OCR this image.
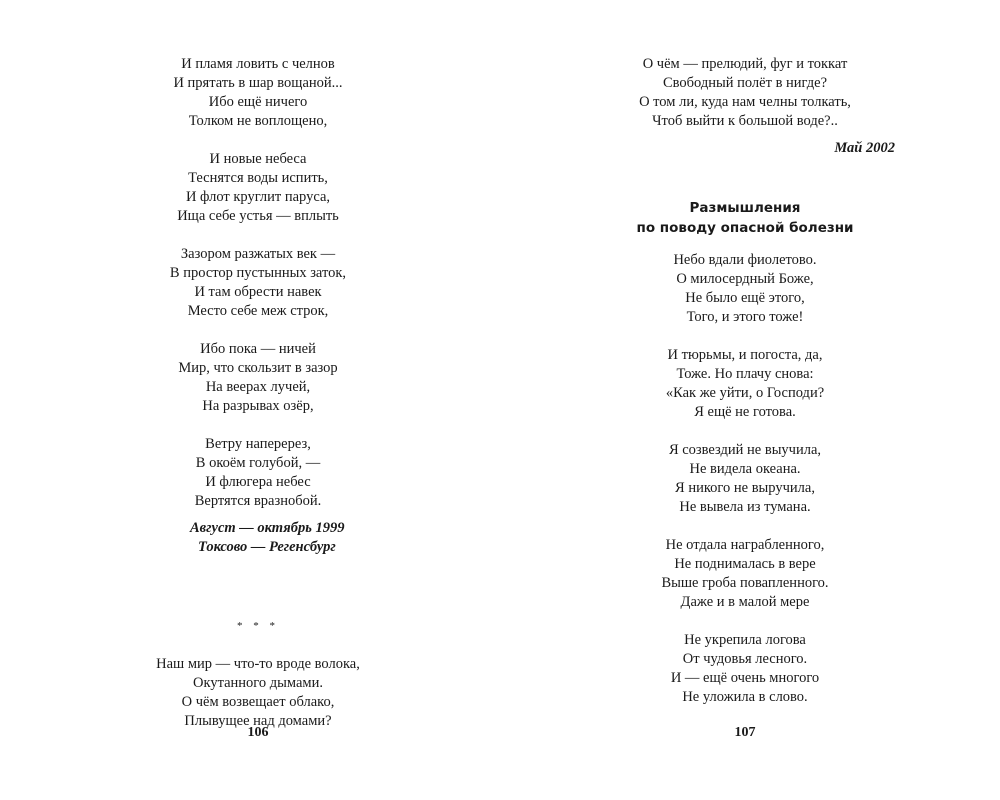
И пламя ловить с челнов
И прятать в шар вощаной...
Ибо ещё ничего
Толком не воплощено,
И новые небеса
Теснятся воды испить,
И флот круглит паруса,
Ища себе устья — вплыть
Зазором разжатых век —
В простор пустынных заток,
И там обрести навек
Место себе меж строк,
Ибо пока — ничей
Мир, что скользит в зазор
На веерах лучей,
На разрывах озёр,
Ветру наперерез,
В окоём голубой, —
И флюгера небес
Вертятся вразнобой.
Август — октябрь 1999
Токсово — Регенсбург
* * *
Наш мир — что-то вроде волока,
Окутанного дымами.
О чём возвещает облако,
Плывущее над домами?
106
О чём — прелюдий, фуг и токкат
Свободный полёт в нигде?
О том ли, куда нам челны толкать,
Чтоб выйти к большой воде?..
Май 2002
Размышления
по поводу опасной болезни
Небо вдали фиолетово.
О милосердный Боже,
Не было ещё этого,
Того, и этого тоже!
И тюрьмы, и погоста, да,
Тоже. Но плачу снова:
«Как же уйти, о Господи?
Я ещё не готова.
Я созвездий не выучила,
Не видела океана.
Я никого не выручила,
Не вывела из тумана.
Не отдала награбленного,
Не поднималась в вере
Выше гроба повапленного.
Даже и в малой мере
Не укрепила логова
От чудовья лесного.
И — ещё очень многого
Не уложила в слово.
107
